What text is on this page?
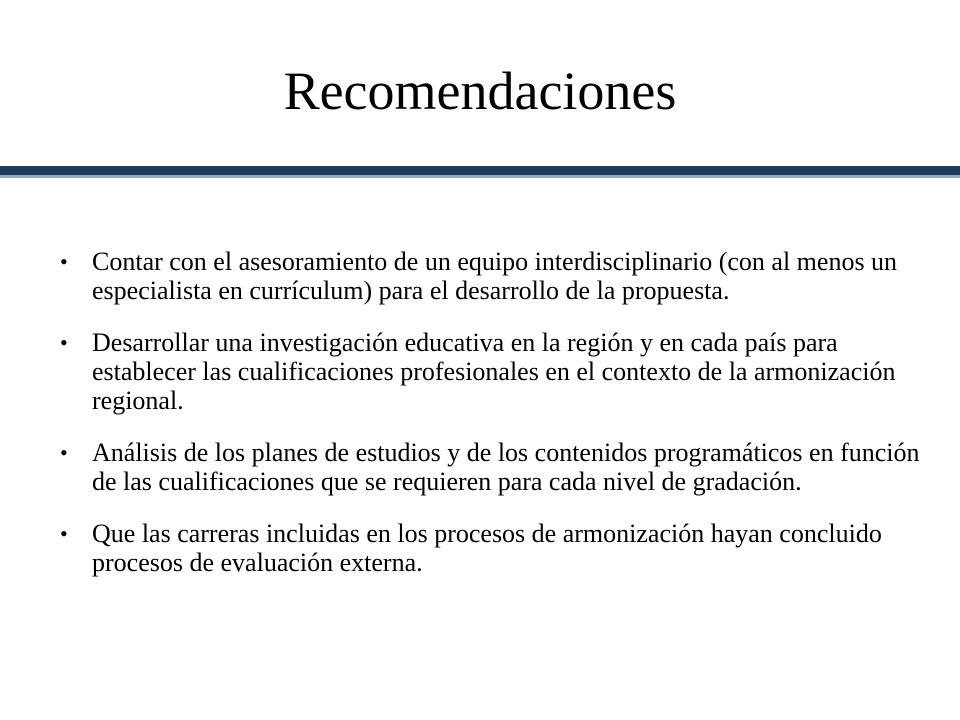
Recomendaciones
• Contar con el asesoramiento de un equipo interdisciplinario (con al menos un especialista en currículum) para el desarrollo de la propuesta.
• Desarrollar una investigación educativa en la región y en cada país para establecer las cualificaciones profesionales en el contexto de la armonización regional.
• Análisis de los planes de estudios y de los contenidos programáticos en función de las cualificaciones que se requieren para cada nivel de gradación.
• Que las carreras incluidas en los procesos de armonización hayan concluido procesos de evaluación externa.
